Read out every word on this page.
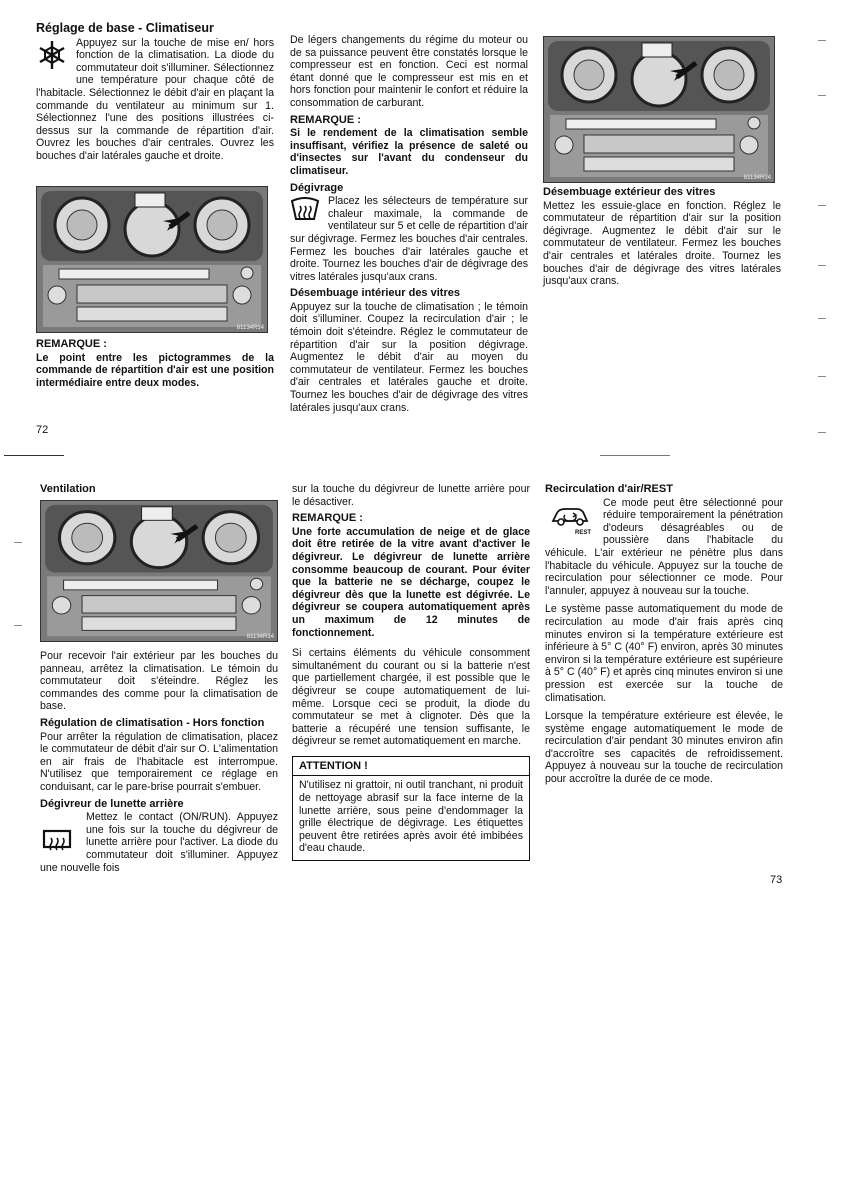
Réglage de base - Climatiseur

Appuyez sur la touche de mise en/ hors fonction de la climatisation. La diode du commutateur doit s'illuminer. Sélectionnez une température pour chaque côté de l'habitacle. Sélectionnez le débit d'air en plaçant la commande du ventilateur au minimum sur 1. Sélectionnez l'une des positions illustrées ci-dessus sur la commande de répartition d'air. Ouvrez les bouches d'air centrales. Ouvrez les bouches d'air latérales gauche et droite.

81134R14
REMARQUE :

Le point entre les pictogrammes de la commande de répartition d'air est une position intermédiaire entre deux modes.

72

De légers changements du régime du moteur ou de sa puissance peuvent être constatés lorsque le compresseur est en fonction. Ceci est normal étant donné que le compresseur est mis en et hors fonction pour maintenir le confort et réduire la consommation de carburant.

REMARQUE :

Si le rendement de la climatisation semble insuffisant, vérifiez la présence de saleté ou d'insectes sur l'avant du condenseur du climatiseur.

Dégivrage

Placez les sélecteurs de température sur chaleur maximale, la commande de ventilateur sur 5 et celle de répartition d'air sur dégivrage. Fermez les bouches d'air centrales. Fermez les bouches d'air latérales gauche et droite. Tournez les bouches d'air de dégivrage des vitres latérales jusqu'aux crans.

Désembuage intérieur des vitres

Appuyez sur la touche de climatisation ; le témoin doit s'illuminer. Coupez la recirculation d'air ; le témoin doit s'éteindre. Réglez le commutateur de répartition d'air sur la position dégivrage. Augmentez le débit d'air au moyen du commutateur de ventilateur. Fermez les bouches d'air centrales et latérales gauche et droite. Tournez les bouches d'air de dégivrage des vitres latérales jusqu'aux crans.

81134R14
Désembuage extérieur des vitres

Mettez les essuie-glace en fonction. Réglez le commutateur de répartition d'air sur la position dégivrage. Augmentez le débit d'air sur le commutateur de ventilateur. Fermez les bouches d'air centrales et latérales droite. Tournez les bouches d'air de dégivrage des vitres latérales jusqu'aux crans.

Ventilation
81134R14

Pour recevoir l'air extérieur par les bouches du panneau, arrêtez la climatisation. Le témoin du commutateur doit s'éteindre. Réglez les commandes des comme pour la climatisation de base.

Régulation de climatisation - Hors fonction

Pour arrêter la régulation de climatisation, placez le commutateur de débit d'air sur O. L'alimentation en air frais de l'habitacle est interrompue. N'utilisez que temporairement ce réglage en conduisant, car le pare-brise pourrait s'embuer.

Dégivreur de lunette arrière

Mettez le contact (ON/RUN). Appuyez une fois sur la touche du dégivreur de lunette arrière pour l'activer. La diode du commutateur doit s'illuminer. Appuyez une nouvelle fois

sur la touche du dégivreur de lunette arrière pour le désactiver.

REMARQUE :

Une forte accumulation de neige et de glace doit être retirée de la vitre avant d'activer le dégivreur. Le dégivreur de lunette arrière consomme beaucoup de courant. Pour éviter que la batterie ne se décharge, coupez le dégivreur dès que la lunette est dégivrée. Le dégivreur se coupera automatiquement après un maximum de 12 minutes de fonctionnement.

Si certains éléments du véhicule consomment simultanément du courant ou si la batterie n'est que partiellement chargée, il est possible que le dégivreur se coupe automatiquement de lui-même. Lorsque ceci se produit, la diode du commutateur se met à clignoter. Dès que la batterie a récupéré une tension suffisante, le dégivreur se remet automatiquement en marche.

ATTENTION !
N'utilisez ni grattoir, ni outil tranchant, ni produit de nettoyage abrasif sur la face interne de la lunette arrière, sous peine d'endommager la grille électrique de dégivrage. Les étiquettes peuvent être retirées après avoir été imbibées d'eau chaude.
Recirculation d'air/REST
REST

Ce mode peut être sélectionné pour réduire temporairement la pénétration d'odeurs désagréables ou de poussière dans l'habitacle du véhicule. L'air extérieur ne pénètre plus dans l'habitacle du véhicule. Appuyez sur la touche de recirculation pour sélectionner ce mode. Pour l'annuler, appuyez à nouveau sur la touche.

Le système passe automatiquement du mode de recirculation au mode d'air frais après cinq minutes environ si la température extérieure est inférieure à 5° C (40° F) environ, après 30 minutes environ si la température extérieure est supérieure à 5° C (40° F) et après cinq minutes environ si une pression est exercée sur la touche de climatisation.

Lorsque la température extérieure est élevée, le système engage automatiquement le mode de recirculation d'air pendant 30 minutes environ afin d'accroître ses capacités de refroidissement. Appuyez à nouveau sur la touche de recirculation pour accroître la durée de ce mode.

73
